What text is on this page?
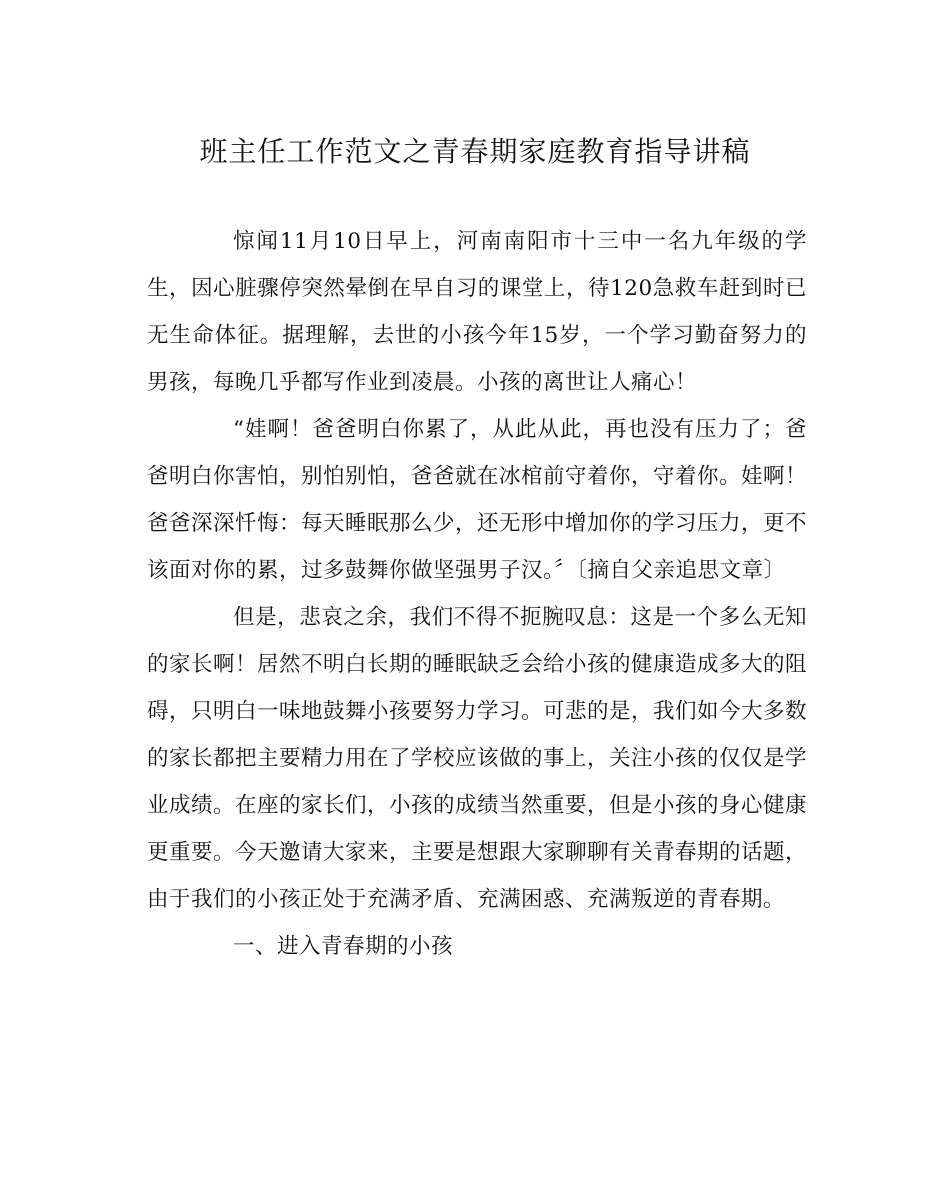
班主任工作范文之青春期家庭教育指导讲稿

惊闻11月10日早上，河南南阳市十三中一名九年级的学生，因心脏骤停突然晕倒在早自习的课堂上，待120急救车赶到时已无生命体征。据理解，去世的小孩今年15岁，一个学习勤奋努力的男孩，每晚几乎都写作业到凌晨。小孩的离世让人痛心！

“娃啊！爸爸明白你累了，从此从此，再也没有压力了；爸爸明白你害怕，别怕别怕，爸爸就在冰棺前守着你，守着你。娃啊！爸爸深深忏悔：每天睡眠那么少，还无形中增加你的学习压力，更不该面对你的累，过多鼓舞你做坚强男子汉。〞〔摘自父亲追思文章〕

但是，悲哀之余，我们不得不扼腕叹息：这是一个多么无知的家长啊！居然不明白长期的睡眠缺乏会给小孩的健康造成多大的阻碍，只明白一味地鼓舞小孩要努力学习。可悲的是，我们如今大多数的家长都把主要精力用在了学校应该做的事上，关注小孩的仅仅是学业成绩。在座的家长们，小孩的成绩当然重要，但是小孩的身心健康更重要。今天邀请大家来，主要是想跟大家聊聊有关青春期的话题，由于我们的小孩正处于充满矛盾、充满困惑、充满叛逆的青春期。

一、进入青春期的小孩
